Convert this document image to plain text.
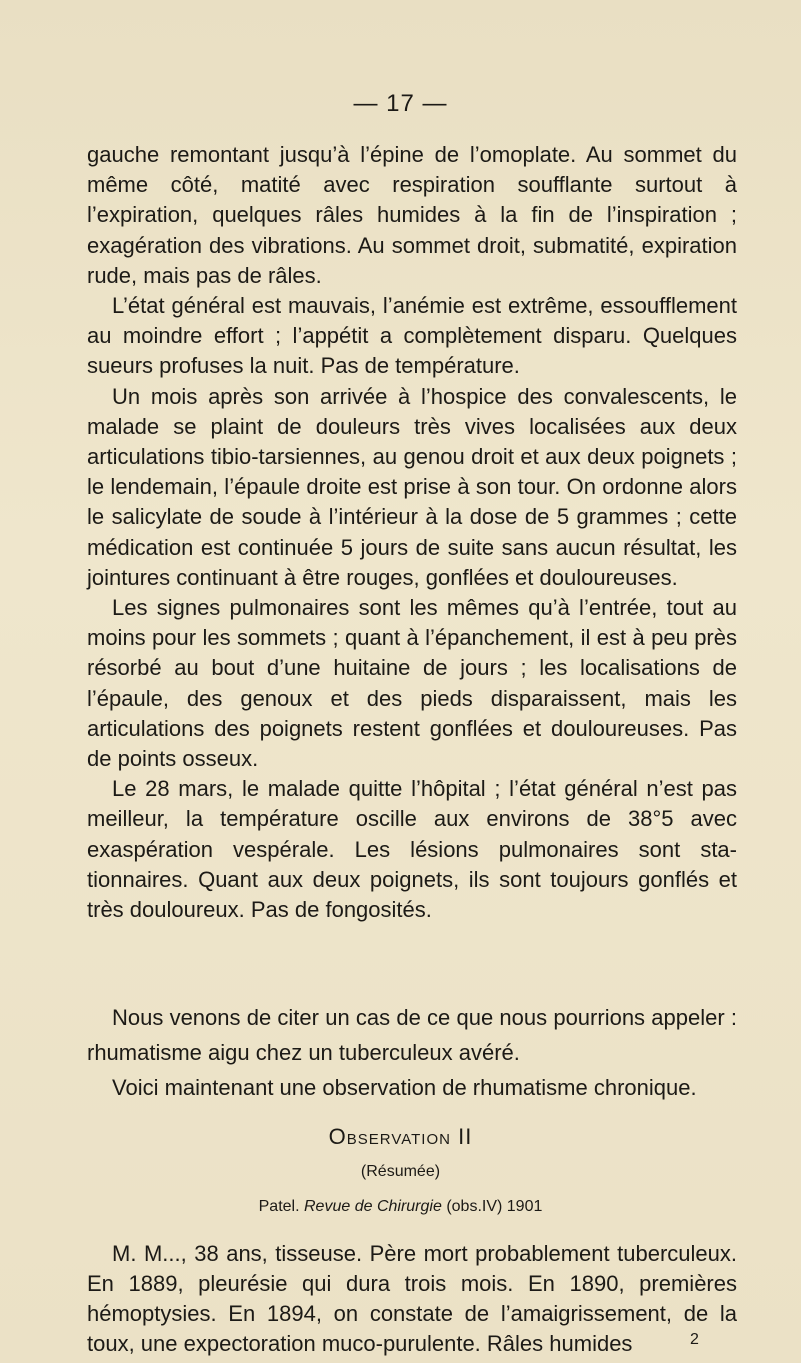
— 17 —

gauche remontant jusqu’à l’épine de l’omoplate. Au sommet du même côté, matité avec respiration soufflante surtout à l’expiration, quelques râles humides à la fin de l’inspiration ; exagération des vibrations. Au sommet droit, submatité, expiration rude, mais pas de râles.

L’état général est mauvais, l’anémie est extrême, essoufflement au moindre effort ; l’appétit a complètement disparu. Quelques sueurs profuses la nuit. Pas de température.

Un mois après son arrivée à l’hospice des convalescents, le malade se plaint de douleurs très vives localisées aux deux articulations tibio-tarsiennes, au genou droit et aux deux poignets ; le lendemain, l’épaule droite est prise à son tour. On ordonne alors le salicylate de soude à l’intérieur à la dose de 5 grammes ; cette médication est continuée 5 jours de suite sans aucun résultat, les jointures continuant à être rouges, gonflées et douloureuses.

Les signes pulmonaires sont les mêmes qu’à l’entrée, tout au moins pour les sommets ; quant à l’épanchement, il est à peu près résorbé au bout d’une huitaine de jours ; les localisations de l’épaule, des genoux et des pieds disparaissent, mais les articulations des poignets restent gonflées et douloureuses. Pas de points osseux.

Le 28 mars, le malade quitte l’hôpital ; l’état général n’est pas meilleur, la température oscille aux environs de 38°5 avec exaspération vespérale. Les lésions pulmonaires sont stationnaires. Quant aux deux poignets, ils sont toujours gonflés et très douloureux. Pas de fongosités.

Nous venons de citer un cas de ce que nous pourrions appeler : rhumatisme aigu chez un tuberculeux avéré.

Voici maintenant une observation de rhumatisme chronique.

Observation II
(Résumée)
Patel. Revue de Chirurgie (obs.IV) 1901

M. M..., 38 ans, tisseuse. Père mort probablement tuberculeux. En 1889, pleurésie qui dura trois mois. En 1890, premières hémoptysies. En 1894, on constate de l’amaigrissement, de la toux, une expectoration muco-purulente. Râles humides	2
